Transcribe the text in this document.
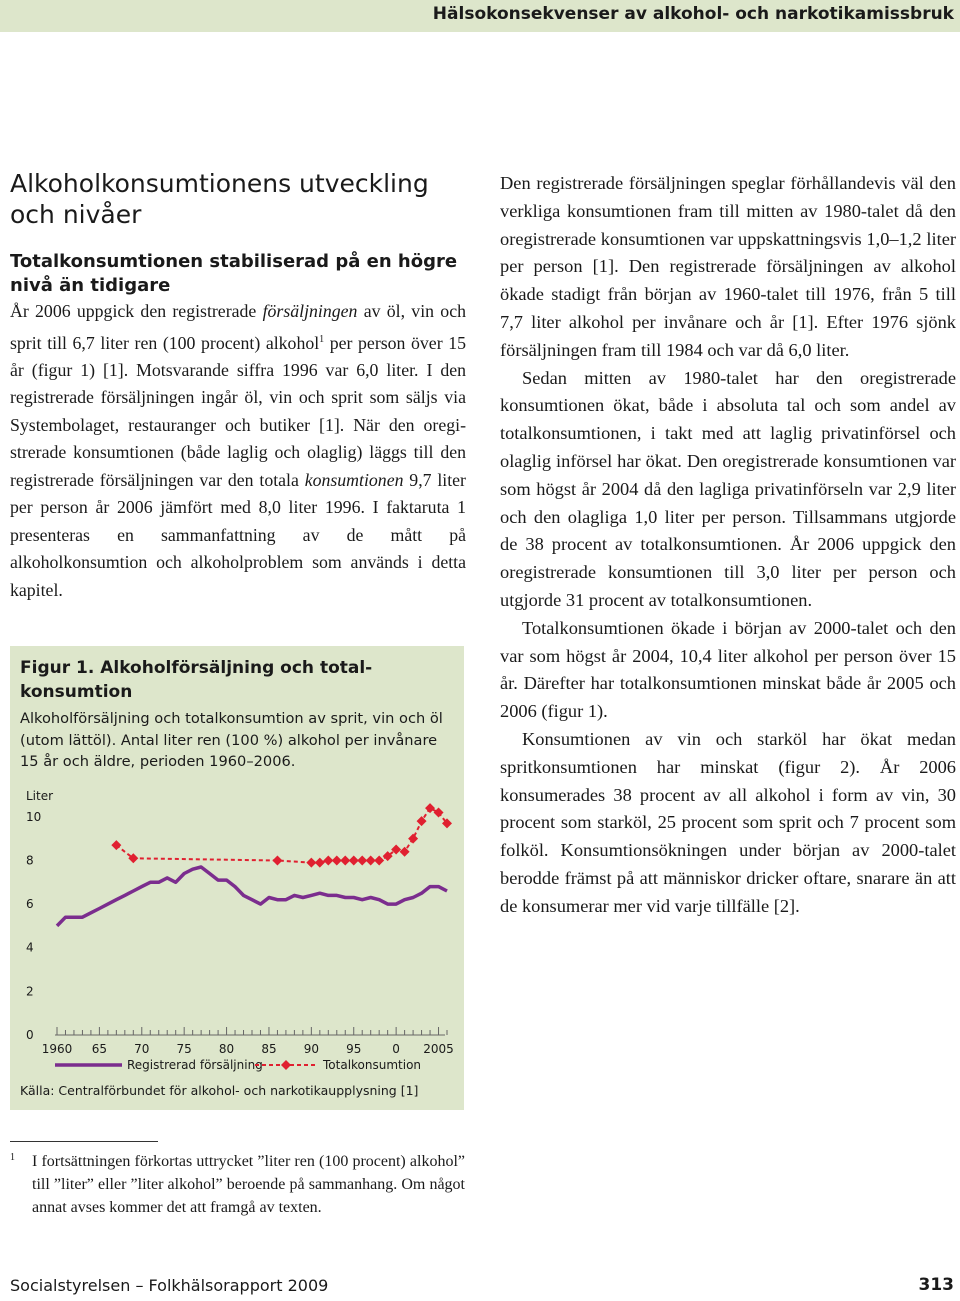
Hälsokonsekvenser av alkohol- och narkotikamissbruk

Alkoholkonsumtionens utveckling och nivåer
Totalkonsumtionen stabiliserad på en högre nivå än tidigare

År 2006 uppgick den registrerade försäljningen av öl, vin och sprit till 6,7 liter ren (100 procent) alkohol$^1$ per person över 15 år (figur 1) [1]. Motsvarande siffra 1996 var 6,0 liter. I den registrerade försäljningen ingår öl, vin och sprit som säljs via Systembolaget, restauranger och butiker [1]. När den oregistrerade konsumtionen (både laglig och olaglig) läggs till den registrerade försäljningen var den totala konsumtionen 9,7 liter per person år 2006 jämfört med 8,0 liter 1996. I faktaruta 1 presenteras en sammanfattning av de mått på alkoholkonsumtion och alkoholproblem som används i detta kapitel.

Figur 1. Alkoholförsäljning och totalkonsumtion

Alkoholförsäljning och totalkonsumtion av sprit, vin och öl (utom lättöl). Antal liter ren (100 %) alkohol per invånare 15 år och äldre, perioden 1960–2006.

Liter
0
2
4
6
8
10
1960 65 70 75 80 85 90 95	0 2005
Registrerad försäljning	Totalkonsumtion

Källa: Centralförbundet för alkohol- och narkotikaupplysning [1]

Den registrerade försäljningen speglar förhållandevis väl den verkliga konsumtionen fram till mitten av 1980-talet då den oregistrerade konsumtionen var uppskattningsvis 1,0–1,2 liter per person [1]. Den registrerade försäljningen av alkohol ökade stadigt från början av 1960-talet till 1976, från 5 till 7,7 liter alkohol per invånare och år [1]. Efter 1976 sjönk försäljningen fram till 1984 och var då 6,0 liter.

Sedan mitten av 1980-talet har den oregistrerade konsumtionen ökat, både i absoluta tal och som andel av totalkonsumtionen, i takt med att laglig privatinförsel och olaglig införsel har ökat. Den oregistrerade konsumtionen var som högst år 2004 då den lagliga privatinförseln var 2,9 liter och den olagliga 1,0 liter per person. Tillsammans utgjorde de 38 procent av totalkonsumtionen. År 2006 uppgick den oregistrerade konsumtionen till 3,0 liter per person och utgjorde 31 procent av totalkonsumtionen.

Totalkonsumtionen ökade i början av 2000-talet och den var som högst år 2004, 10,4 liter alkohol per person över 15 år. Därefter har totalkonsumtionen minskat både år 2005 och 2006 (figur 1).

Konsumtionen av vin och starköl har ökat medan spritkonsumtionen har minskat (figur 2). År 2006 konsumerades 38 procent av all alkohol i form av vin, 30 procent som starköl, 25 procent som sprit och 7 procent som folköl. Konsumtionsökningen under början av 2000-talet berodde främst på att människor dricker oftare, snarare än att de konsumerar mer vid varje tillfälle [2].

1	I fortsättningen förkortas uttrycket ”liter ren (100 procent) alkohol” till ”liter” eller ”liter alkohol” beroende på sammanhang. Om något annat avses kommer det att framgå av texten.

Socialstyrelsen – Folkhälsorapport 2009	313
